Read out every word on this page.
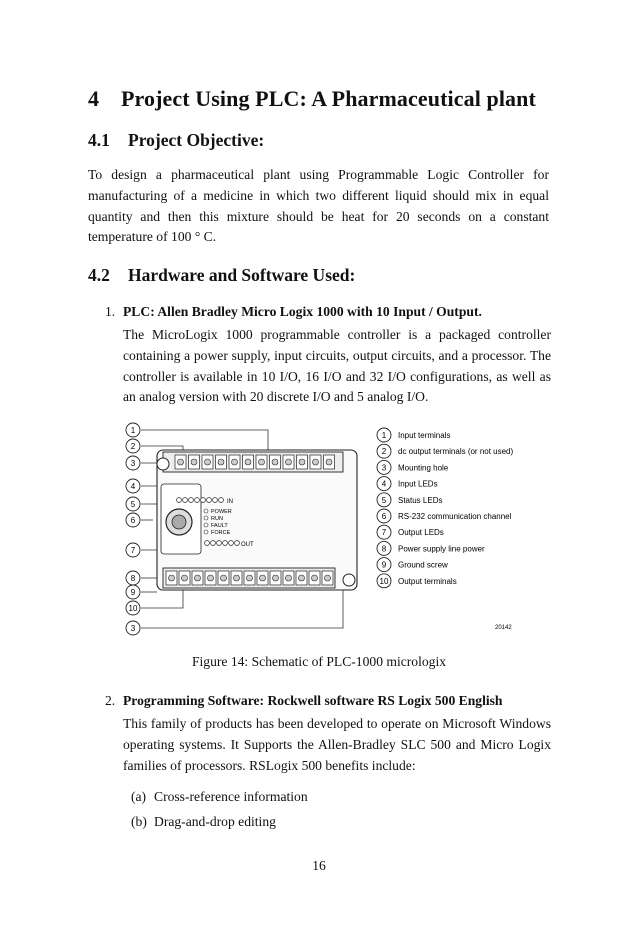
4 Project Using PLC: A Pharmaceutical plant
4.1 Project Objective:
To design a pharmaceutical plant using Programmable Logic Controller for manufacturing of a medicine in which two different liquid should mix in equal quantity and then this mixture should be heat for 20 seconds on a constant temperature of 100 ° C.
4.2 Hardware and Software Used:
1. PLC: Allen Bradley Micro Logix 1000 with 10 Input / Output.
The MicroLogix 1000 programmable controller is a packaged controller containing a power supply, input circuits, output circuits, and a processor. The controller is available in 10 I/O, 16 I/O and 32 I/O configurations, as well as an analog version with 20 discrete I/O and 5 analog I/O.
1
2
3
4
5
6
7
8
9
10
3
IN
OUT
POWER
RUN
FAULT
FORCE
1 Input terminals
2 dc output terminals (or not used)
3 Mounting hole
4 Input LEDs
5 Status LEDs
6 RS-232 communication channel
7 Output LEDs
8 Power supply line power
9 Ground screw
10 Output terminals
20142
Figure 14: Schematic of PLC-1000 micrologix
2. Programming Software: Rockwell software RS Logix 500 English
This family of products has been developed to operate on Microsoft Windows operating systems. It Supports the Allen-Bradley SLC 500 and Micro Logix families of processors. RSLogix 500 benefits include:
(a) Cross-reference information
(b) Drag-and-drop editing
16
